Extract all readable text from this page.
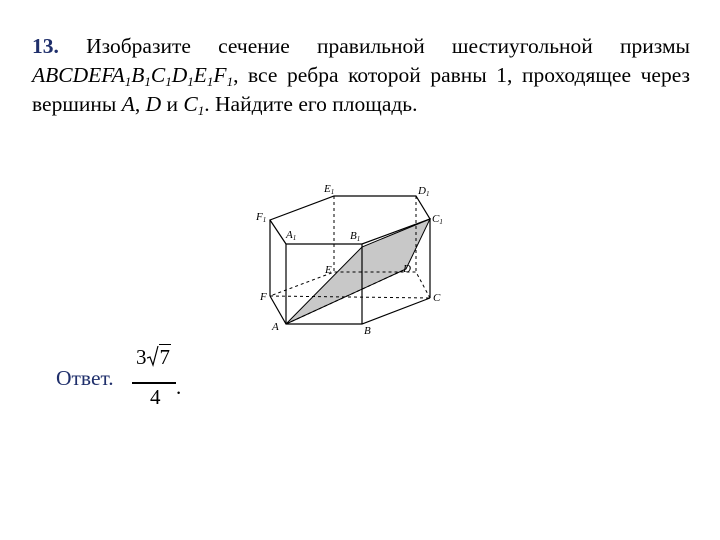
13. Изобразите сечение правильной шестиугольной призмы $ABCDEFA_1B_1C_1D_1E_1F_1$, все ребра которой равны 1, проходящее через вершины A, D и $C_1$. Найдите его площадь.
E1	D1
F1	C1
A1	B1
E	D
F	C
A	B
Ответ.
3 7
4 .
